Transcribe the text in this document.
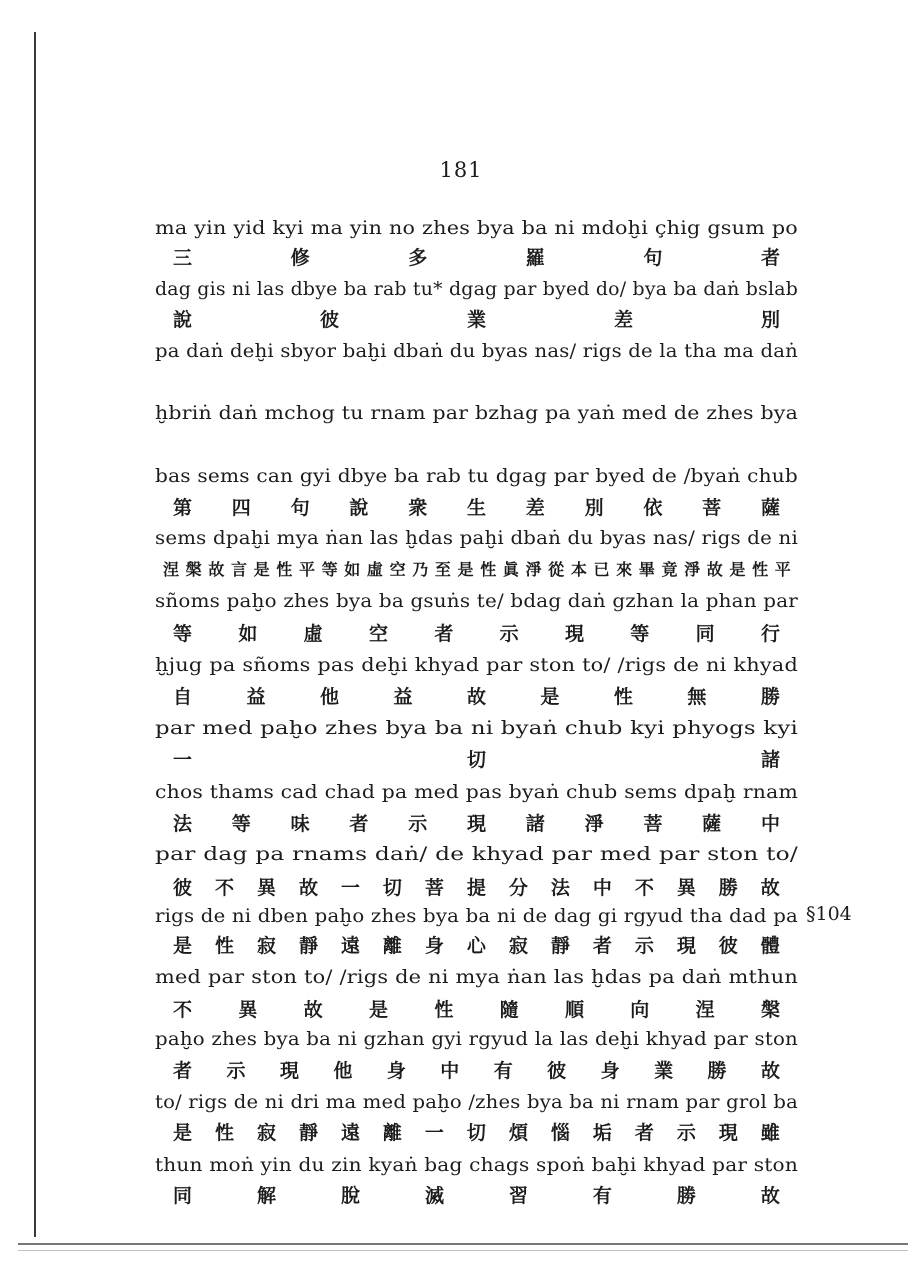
181
ma yin yid kyi ma yin no zhes bya ba ni mdoḫi çhig gsum po
三	修	多	羅	句	者
dag gis ni las dbye ba rab tu* dgag par byed do/ bya ba daṅ bslab
說	彼	業	差	別
pa daṅ deḫi sbyor baḫi dbaṅ du byas nas/ rigs de la tha ma daṅ
ḫbriṅ daṅ mchog tu rnam par bzhag pa yaṅ med de zhes bya
bas sems can gyi dbye ba rab tu dgag par byed de /byaṅ chub
第 四 句 說 衆 生 差 別 依 菩 薩
sems dpaḫi mya ṅan las ḫdas paḫi dbaṅ du byas nas/ rigs de ni
涅 槃 故 言 是 性 平 等 如 虛 空 乃 至 是 性 眞 淨 從 本 已 來 畢 竟 淨 故 是 性 平
sñoms paḫo zhes bya ba gsuṅs te/ bdag daṅ gzhan la phan par
等 如 虛 空 者 示 現 等 同 行
ḫjug pa sñoms pas deḫi khyad par ston to/ /rigs de ni khyad
自	益	他	益	故	是	性	無	勝
par med paḫo zhes bya ba ni byaṅ chub kyi phyogs kyi
一	切	諸
chos thams cad chad pa med pas byaṅ chub sems dpaḫ rnam
法 等 味 者 示 現 諸 淨 菩 薩 中
par dag pa rnams daṅ/ de khyad par med par ston to/
彼 不 異 故 一 切 菩 提 分 法 中 不 異 勝 故
rigs de ni dben paḫo zhes bya ba ni de dag gi rgyud tha dad pa
是 性 寂 靜 遠 離 身 心 寂 靜 者 示 現 彼 體
med par ston to/ /rigs de ni mya ṅan las ḫdas pa daṅ mthun
不 異 故 是 性 隨 順 向 涅 槃
paḫo zhes bya ba ni gzhan gyi rgyud la las deḫi khyad par ston
者 示 現 他 身 中 有 彼 身 業 勝 故
to/ rigs de ni dri ma med paḫo /zhes bya ba ni rnam par grol ba
是 性 寂 靜 遠 離 一 切 煩 惱 垢 者 示 現 雖
thun moṅ yin du zin kyaṅ bag chags spoṅ baḫi khyad par ston
同	解	脫	滅	習	有	勝	故
§104
